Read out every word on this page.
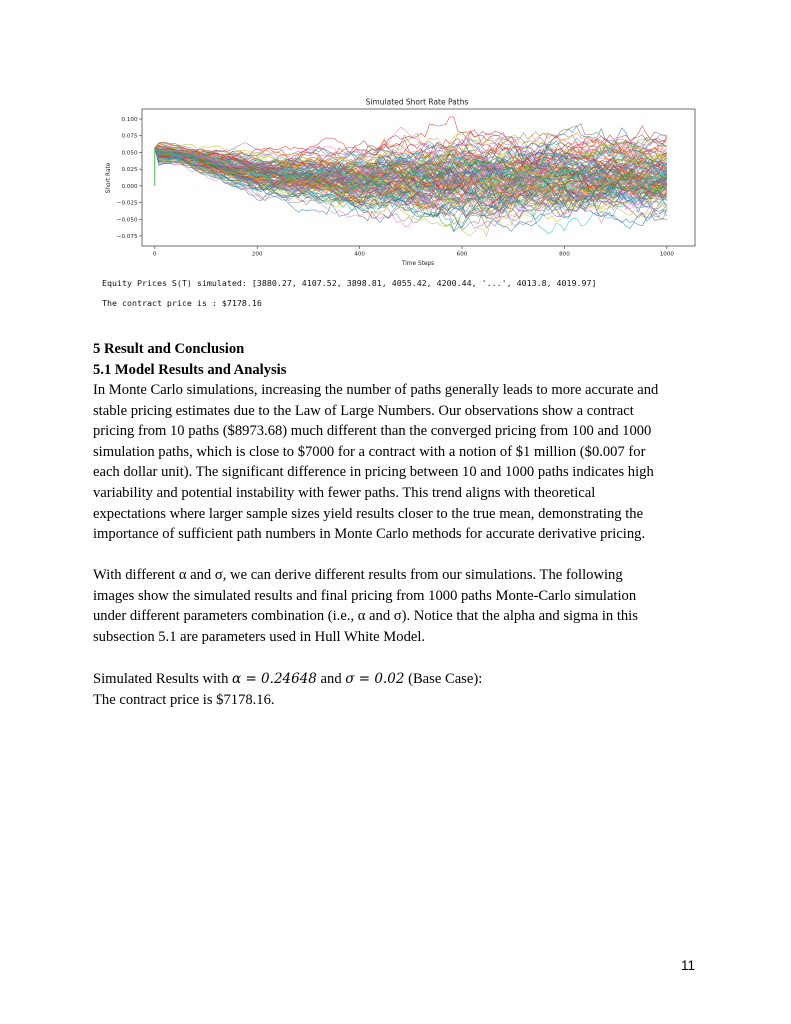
Simulated Short Rate Paths
0	200	400	600	800	1000
0.100
0.075
0.050
0.025
0.000
−0.025
−0.050
−0.075
Time Steps
Short Rate
Equity Prices S(T) simulated: [3880.27, 4107.52, 3898.81, 4055.42, 4200.44, '...', 4013.8, 4019.97]
The contract price is : $7178.16
5 Result and Conclusion
5.1 Model Results and Analysis
In Monte Carlo simulations, increasing the number of paths generally leads to more accurate and
stable pricing estimates due to the Law of Large Numbers. Our observations show a contract
pricing from 10 paths ($8973.68) much different than the converged pricing from 100 and 1000
simulation paths, which is close to $7000 for a contract with a notion of $1 million ($0.007 for
each dollar unit). The significant difference in pricing between 10 and 1000 paths indicates high
variability and potential instability with fewer paths. This trend aligns with theoretical
expectations where larger sample sizes yield results closer to the true mean, demonstrating the
importance of sufficient path numbers in Monte Carlo methods for accurate derivative pricing.
With different α and σ, we can derive different results from our simulations. The following
images show the simulated results and final pricing from 1000 paths Monte-Carlo simulation
under different parameters combination (i.e., α and σ). Notice that the alpha and sigma in this
subsection 5.1 are parameters used in Hull White Model.
Simulated Results with α = 0.24648 and σ = 0.02 (Base Case):
The contract price is $7178.16.
11
